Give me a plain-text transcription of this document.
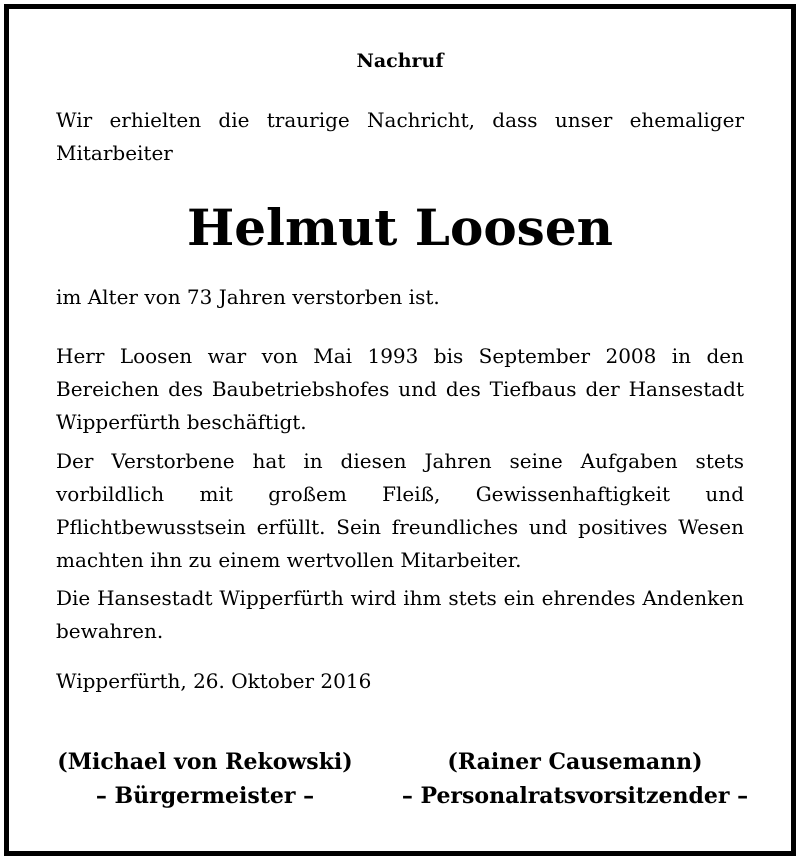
Nachruf

Wir erhielten die traurige Nachricht, dass unser ehemaliger Mitarbeiter

Helmut Loosen

im Alter von 73 Jahren verstorben ist.

Herr Loosen war von Mai 1993 bis September 2008 in den Bereichen des Baubetriebshofes und des Tiefbaus der Hansestadt Wipperfürth beschäftigt.

Der Verstorbene hat in diesen Jahren seine Aufgaben stets vorbildlich mit großem Fleiß, Gewissenhaftigkeit und Pflichtbewusstsein erfüllt. Sein freundliches und positives Wesen machten ihn zu einem wertvollen Mitarbeiter.

Die Hansestadt Wipperfürth wird ihm stets ein ehrendes Andenken bewahren.

Wipperfürth, 26. Oktober 2016

(Michael von Rekowski)
– Bürgermeister –
(Rainer Causemann)
– Personalratsvorsitzender –
